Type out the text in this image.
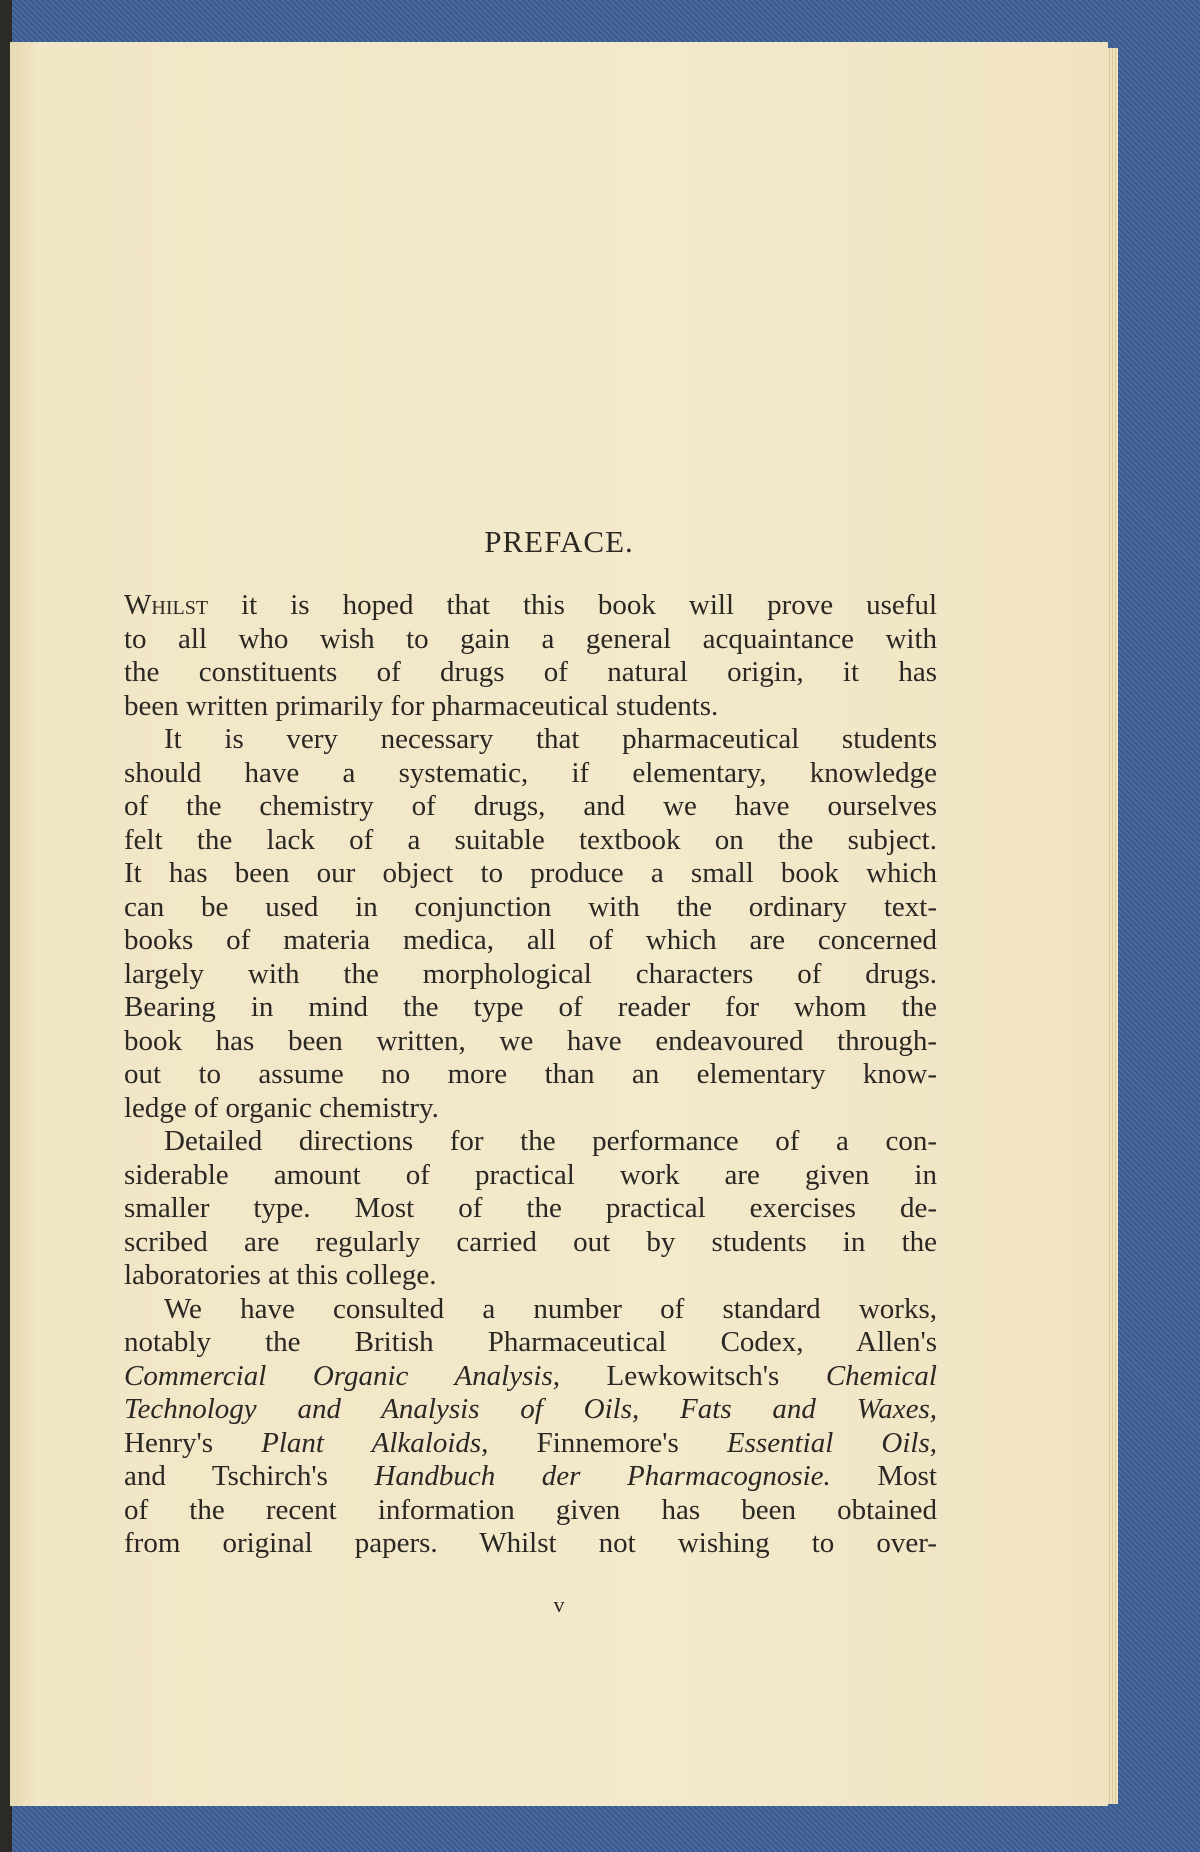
PREFACE.
Whilst it is hoped that this book will prove useful
to all who wish to gain a general acquaintance with
the constituents of drugs of natural origin, it has
been written primarily for pharmaceutical students.
It is very necessary that pharmaceutical students
should have a systematic, if elementary, knowledge
of the chemistry of drugs, and we have ourselves
felt the lack of a suitable textbook on the subject.
It has been our object to produce a small book which
can be used in conjunction with the ordinary text-
books of materia medica, all of which are concerned
largely with the morphological characters of drugs.
Bearing in mind the type of reader for whom the
book has been written, we have endeavoured through-
out to assume no more than an elementary know-
ledge of organic chemistry.
Detailed directions for the performance of a con-
siderable amount of practical work are given in
smaller type. Most of the practical exercises de-
scribed are regularly carried out by students in the
laboratories at this college.
We have consulted a number of standard works,
notably the British Pharmaceutical Codex, Allen's
Commercial Organic Analysis, Lewkowitsch's Chemical
Technology and Analysis of Oils, Fats and Waxes,
Henry's Plant Alkaloids, Finnemore's Essential Oils,
and Tschirch's Handbuch der Pharmacognosie. Most
of the recent information given has been obtained
from original papers. Whilst not wishing to over-
v
